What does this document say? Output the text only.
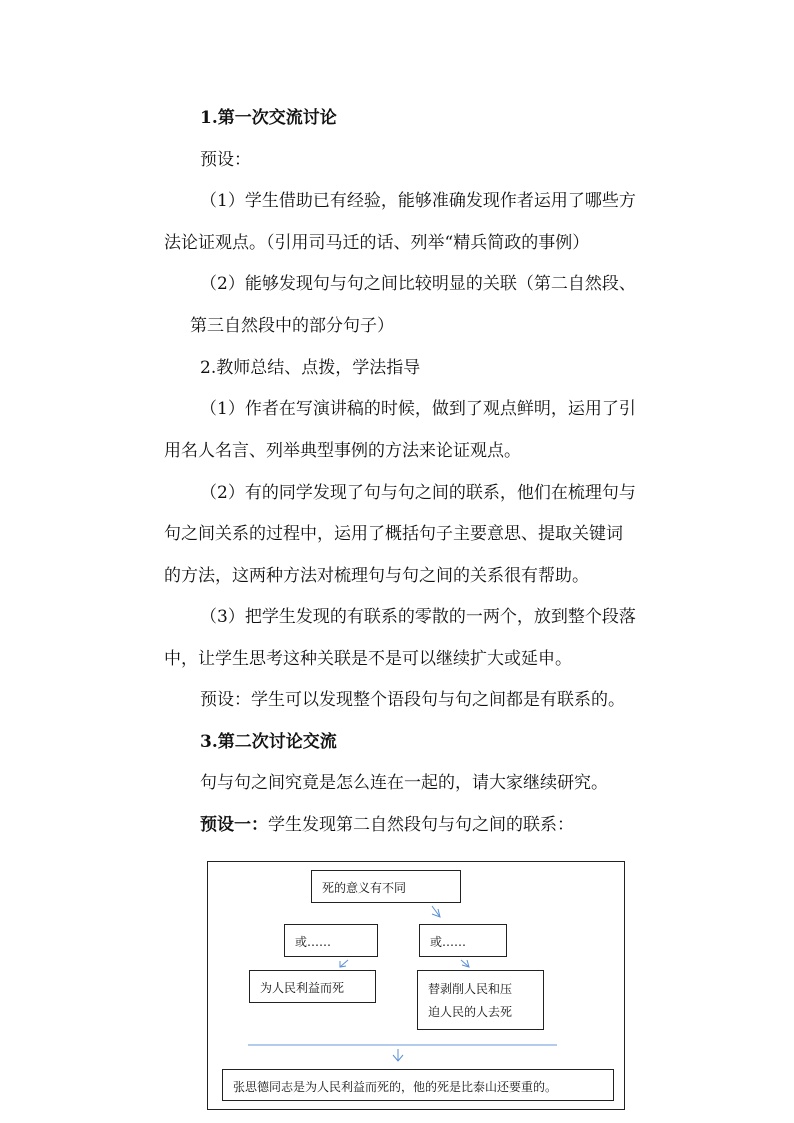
1.第一次交流讨论
预设：
（1）学生借助已有经验，能够准确发现作者运用了哪些方
法论证观点。（引用司马迁的话、列举“精兵简政的事例）
（2）能够发现句与句之间比较明显的关联（第二自然段、
第三自然段中的部分句子）
2.教师总结、点拨，学法指导
（1）作者在写演讲稿的时候，做到了观点鲜明，运用了引
用名人名言、列举典型事例的方法来论证观点。
（2）有的同学发现了句与句之间的联系，他们在梳理句与
句之间关系的过程中，运用了概括句子主要意思、提取关键词
的方法，这两种方法对梳理句与句之间的关系很有帮助。
（3）把学生发现的有联系的零散的一两个，放到整个段落
中，让学生思考这种关联是不是可以继续扩大或延申。
预设：学生可以发现整个语段句与句之间都是有联系的。
3.第二次讨论交流
句与句之间究竟是怎么连在一起的，请大家继续研究。
预设一：学生发现第二自然段句与句之间的联系：
死的意义有不同
或……	或……
为人民利益而死	替剥削人民和压
迫人民的人去死
张思德同志是为人民利益而死的，他的死是比泰山还要重的。
